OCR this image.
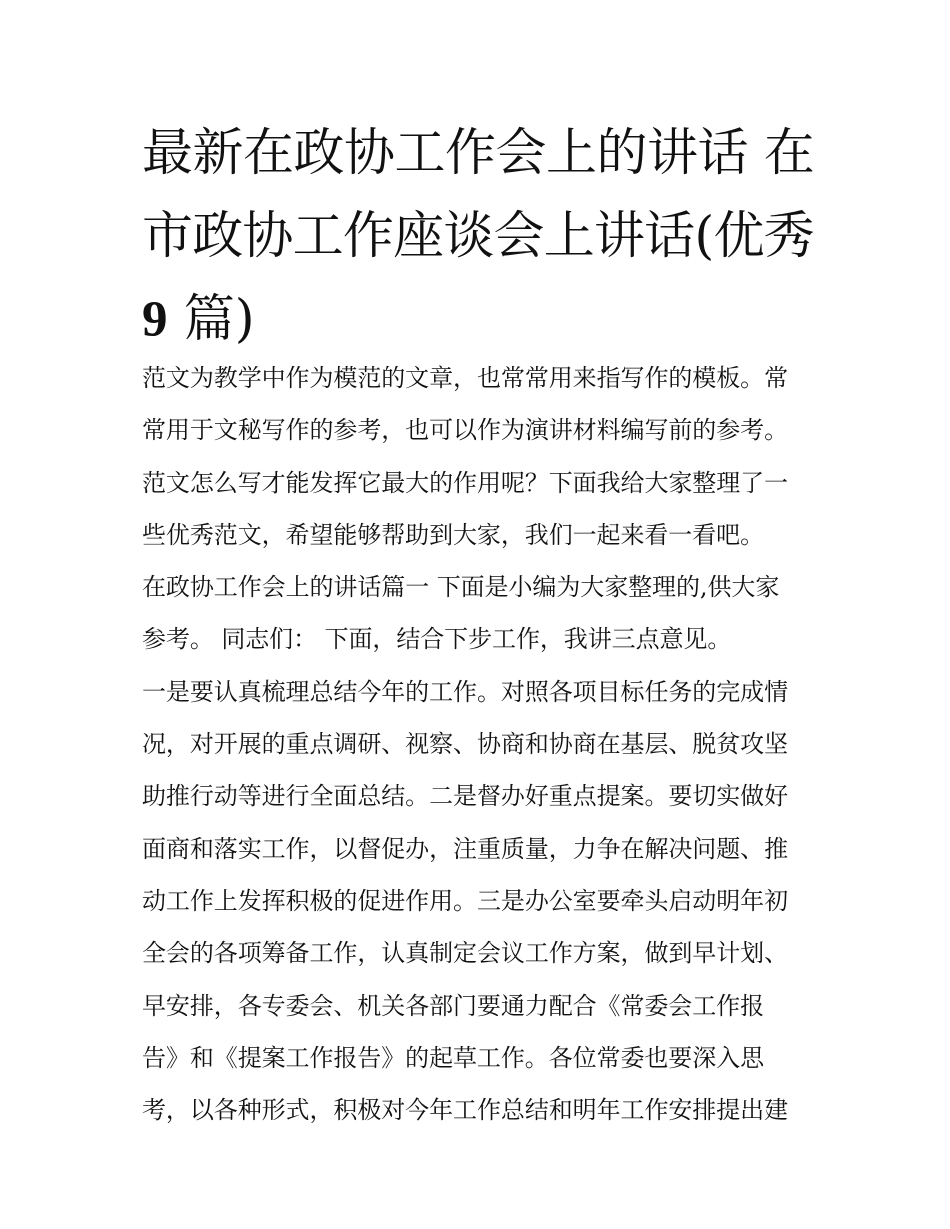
最新在政协工作会上的讲话 在
市政协工作座谈会上讲话(优秀
9 篇)
范文为教学中作为模范的文章，也常常用来指写作的模板。常
常用于文秘写作的参考，也可以作为演讲材料编写前的参考。
范文怎么写才能发挥它最大的作用呢？下面我给大家整理了一
些优秀范文，希望能够帮助到大家，我们一起来看一看吧。
在政协工作会上的讲话篇一 下面是小编为大家整理的,供大家
参考。 同志们： 下面，结合下步工作，我讲三点意见。
一是要认真梳理总结今年的工作。对照各项目标任务的完成情
况，对开展的重点调研、视察、协商和协商在基层、脱贫攻坚
助推行动等进行全面总结。二是督办好重点提案。要切实做好
面商和落实工作，以督促办，注重质量，力争在解决问题、推
动工作上发挥积极的促进作用。三是办公室要牵头启动明年初
全会的各项筹备工作，认真制定会议工作方案，做到早计划、
早安排，各专委会、机关各部门要通力配合《常委会工作报
告》和《提案工作报告》的起草工作。各位常委也要深入思
考，以各种形式，积极对今年工作总结和明年工作安排提出建
